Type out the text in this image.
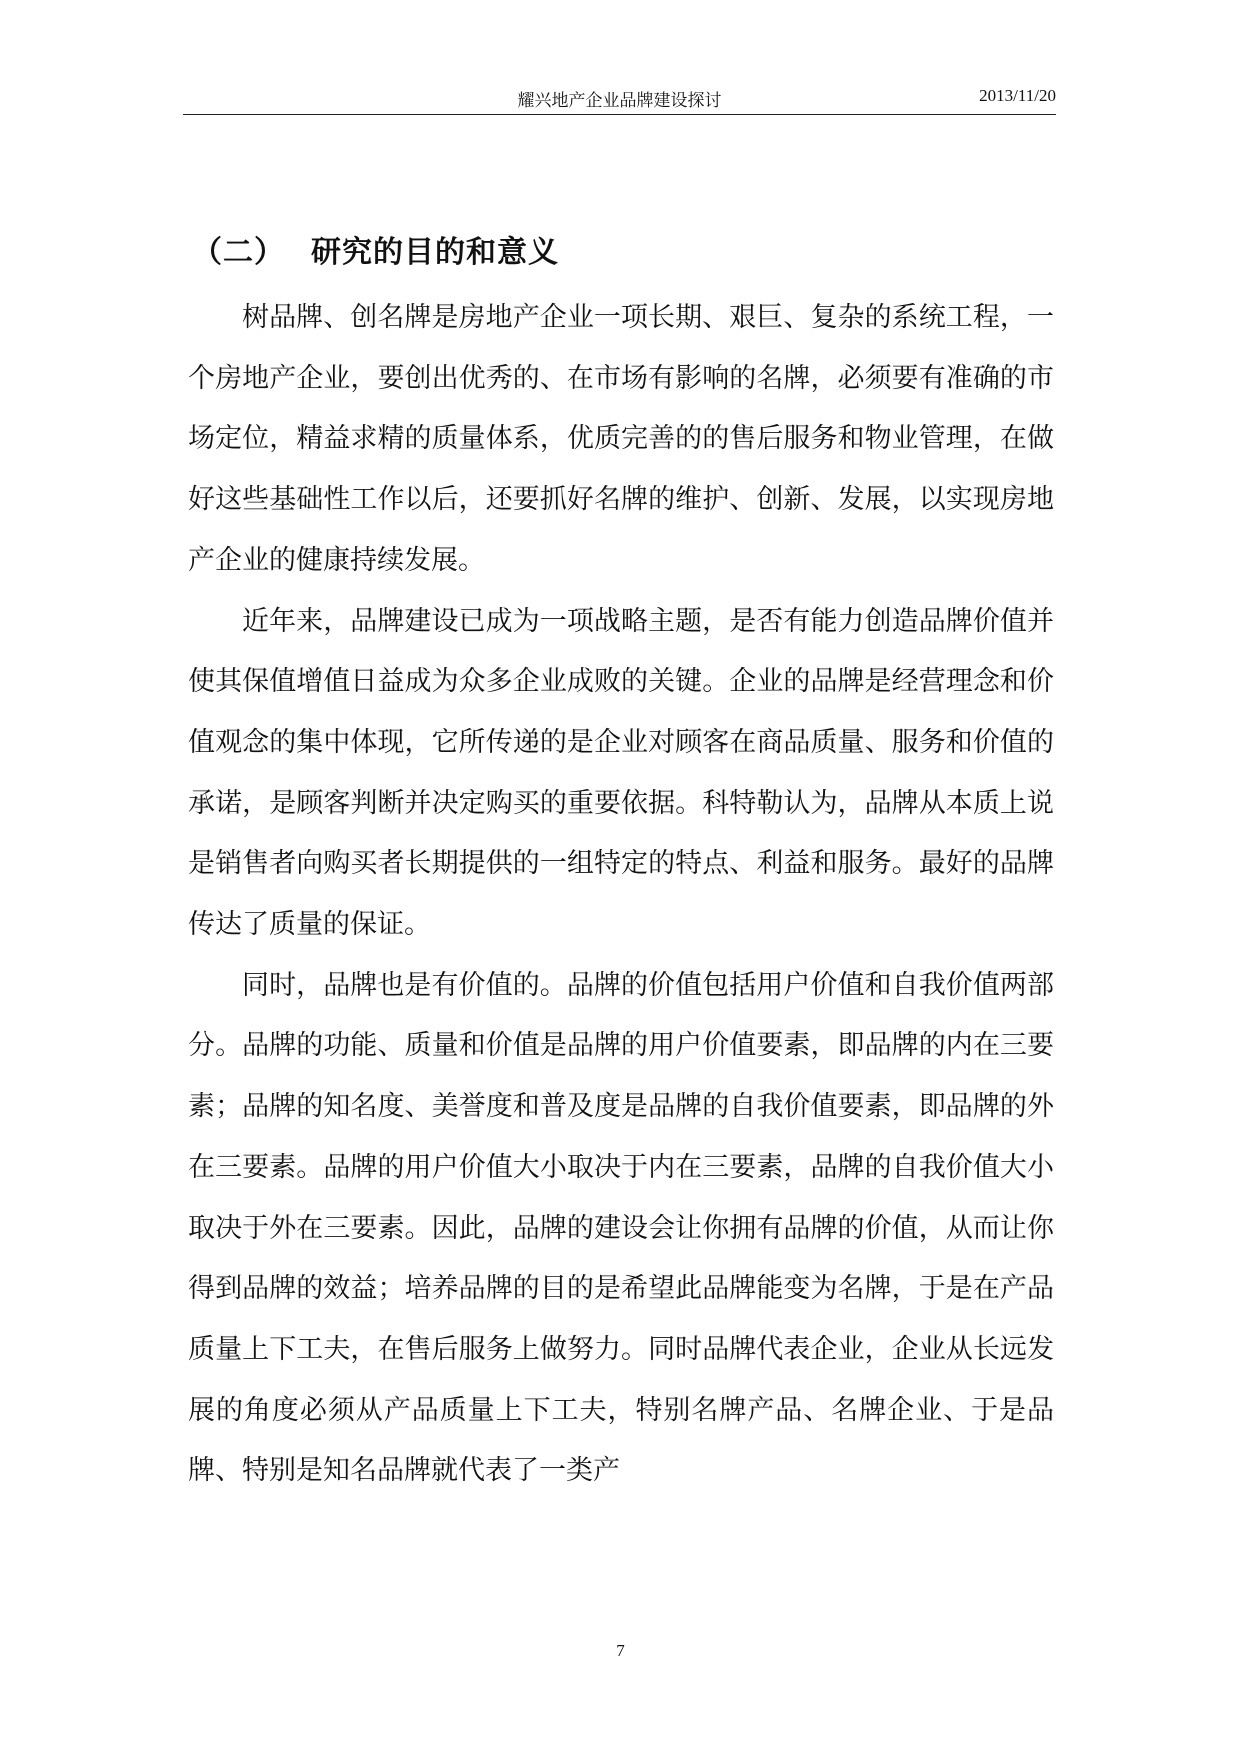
耀兴地产企业品牌建设探讨	2013/11/20
（二） 研究的目的和意义

树品牌、创名牌是房地产企业一项长期、艰巨、复杂的系统工程，一个房地产企业，要创出优秀的、在市场有影响的名牌，必须要有准确的市场定位，精益求精的质量体系，优质完善的的售后服务和物业管理，在做好这些基础性工作以后，还要抓好名牌的维护、创新、发展，以实现房地产企业的健康持续发展。

近年来，品牌建设已成为一项战略主题，是否有能力创造品牌价值并使其保值增值日益成为众多企业成败的关键。企业的品牌是经营理念和价值观念的集中体现，它所传递的是企业对顾客在商品质量、服务和价值的承诺，是顾客判断并决定购买的重要依据。科特勒认为，品牌从本质上说是销售者向购买者长期提供的一组特定的特点、利益和服务。最好的品牌传达了质量的保证。

同时，品牌也是有价值的。品牌的价值包括用户价值和自我价值两部分。品牌的功能、质量和价值是品牌的用户价值要素，即品牌的内在三要素；品牌的知名度、美誉度和普及度是品牌的自我价值要素，即品牌的外在三要素。品牌的用户价值大小取决于内在三要素，品牌的自我价值大小取决于外在三要素。因此，品牌的建设会让你拥有品牌的价值，从而让你得到品牌的效益；培养品牌的目的是希望此品牌能变为名牌，于是在产品质量上下工夫，在售后服务上做努力。同时品牌代表企业，企业从长远发展的角度必须从产品质量上下工夫，特别名牌产品、名牌企业、于是品牌、特别是知名品牌就代表了一类产

7
